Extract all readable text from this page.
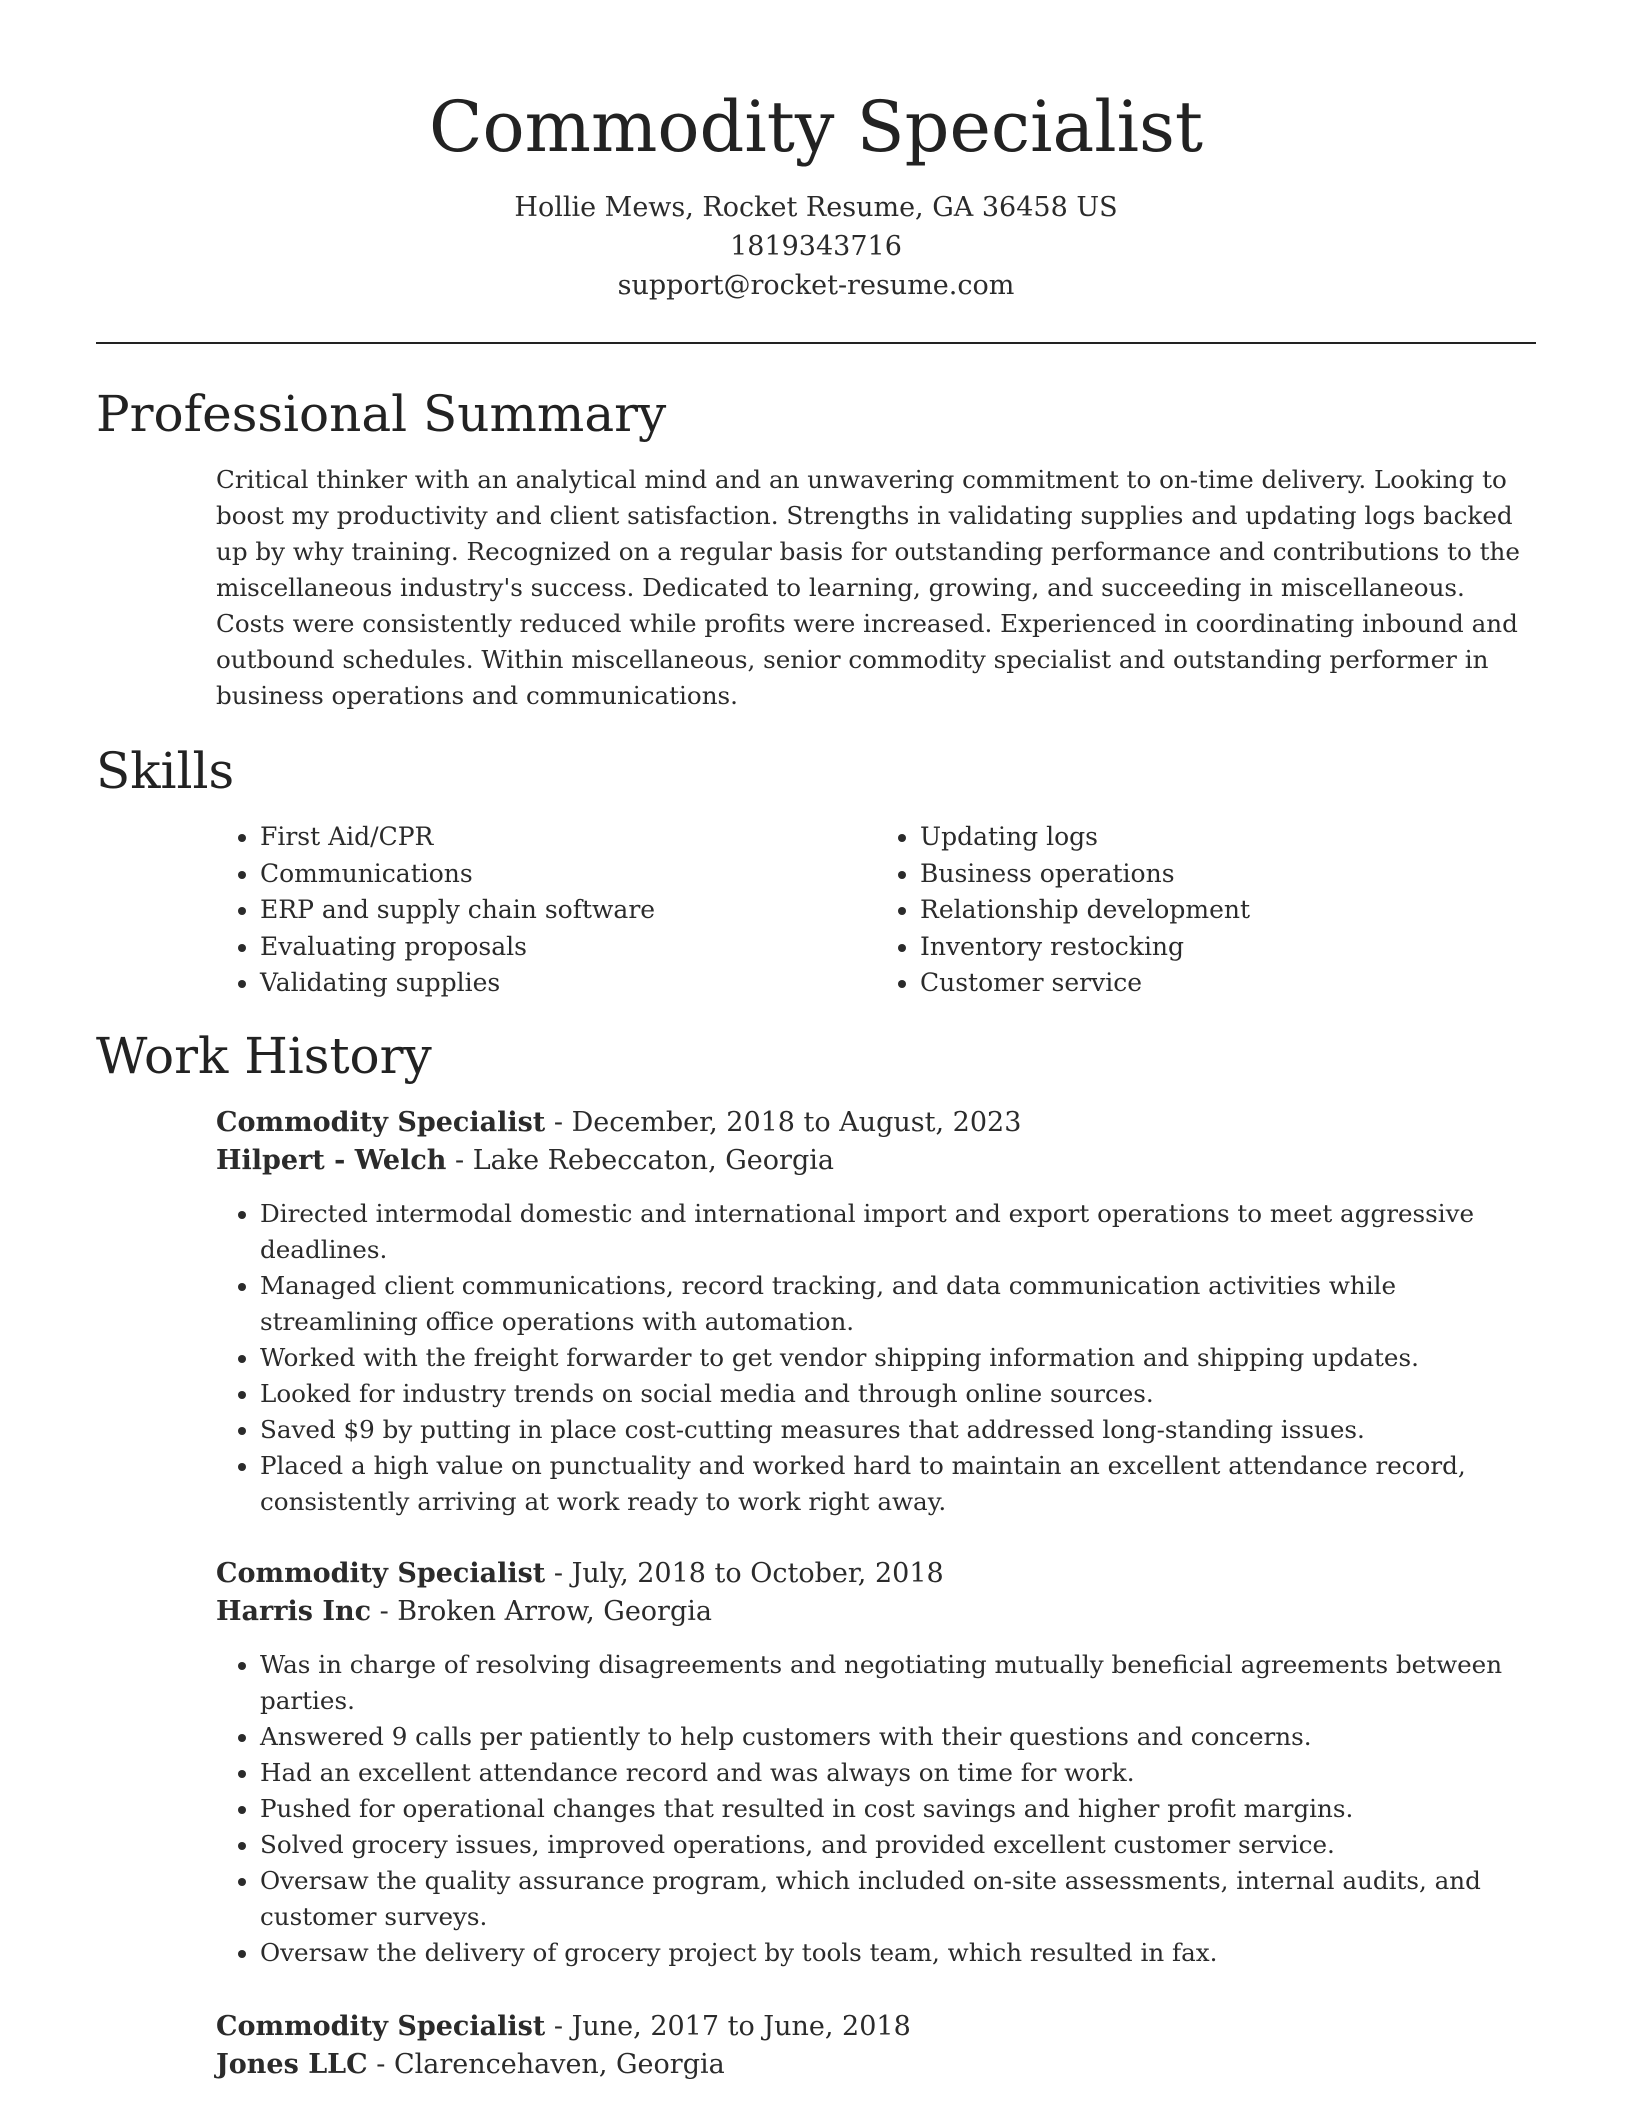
Commodity Specialist
Hollie Mews, Rocket Resume, GA 36458 US
1819343716
support@rocket-resume.com
Professional Summary

Critical thinker with an analytical mind and an unwavering commitment to on-time delivery. Looking to boost my productivity and client satisfaction. Strengths in validating supplies and updating logs backed up by why training. Recognized on a regular basis for outstanding performance and contributions to the miscellaneous industry's success. Dedicated to learning, growing, and succeeding in miscellaneous. Costs were consistently reduced while profits were increased. Experienced in coordinating inbound and outbound schedules. Within miscellaneous, senior commodity specialist and outstanding performer in business operations and communications.

Skills
• First Aid/CPR
• Communications
• ERP and supply chain software
• Evaluating proposals
• Validating supplies
• Updating logs
• Business operations
• Relationship development
• Inventory restocking
• Customer service
Work History
Commodity Specialist - December, 2018 to August, 2023
Hilpert - Welch - Lake Rebeccaton, Georgia
• Directed intermodal domestic and international import and export operations to meet aggressive deadlines.
• Managed client communications, record tracking, and data communication activities while streamlining office operations with automation.
• Worked with the freight forwarder to get vendor shipping information and shipping updates.
• Looked for industry trends on social media and through online sources.
• Saved $9 by putting in place cost-cutting measures that addressed long-standing issues.
• Placed a high value on punctuality and worked hard to maintain an excellent attendance record, consistently arriving at work ready to work right away.
Commodity Specialist - July, 2018 to October, 2018
Harris Inc - Broken Arrow, Georgia
• Was in charge of resolving disagreements and negotiating mutually beneficial agreements between parties.
• Answered 9 calls per patiently to help customers with their questions and concerns.
• Had an excellent attendance record and was always on time for work.
• Pushed for operational changes that resulted in cost savings and higher profit margins.
• Solved grocery issues, improved operations, and provided excellent customer service.
• Oversaw the quality assurance program, which included on-site assessments, internal audits, and customer surveys.
• Oversaw the delivery of grocery project by tools team, which resulted in fax.
Commodity Specialist - June, 2017 to June, 2018
Jones LLC - Clarencehaven, Georgia
